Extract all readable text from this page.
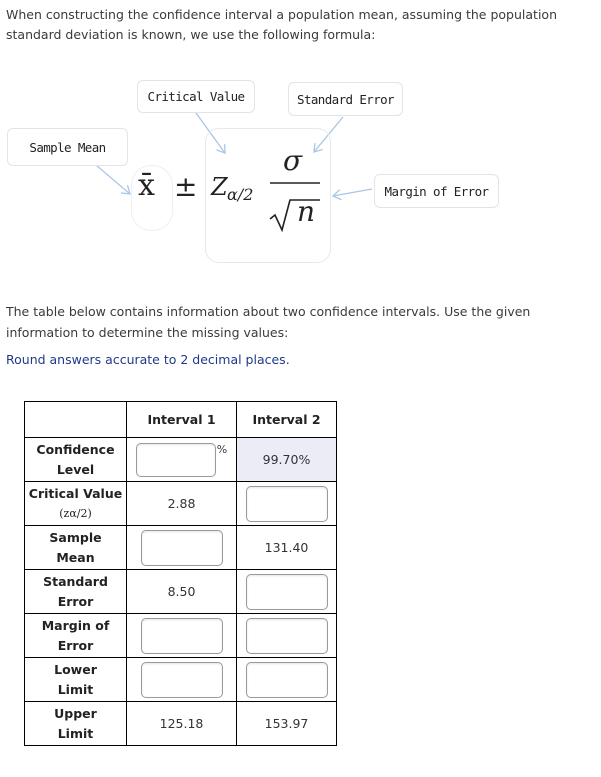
When constructing the confidence interval a population mean, assuming the population standard deviation is known, we use the following formula:
Critical Value	Standard Error
Sample Mean
Margin of Error
x̄ ± Z α/2
σ
n
The table below contains information about two confidence intervals. Use the given information to determine the missing values:
Round answers accurate to 2 decimal places.
	Interval 1	Interval 2

Confidence
Level	%	99.70%

Critical Value
(zα/2)	2.88	

Sample
Mean		131.40

Standard
Error	8.50	

Margin of
Error		

Lower
Limit		

Upper
Limit	125.18	153.97
